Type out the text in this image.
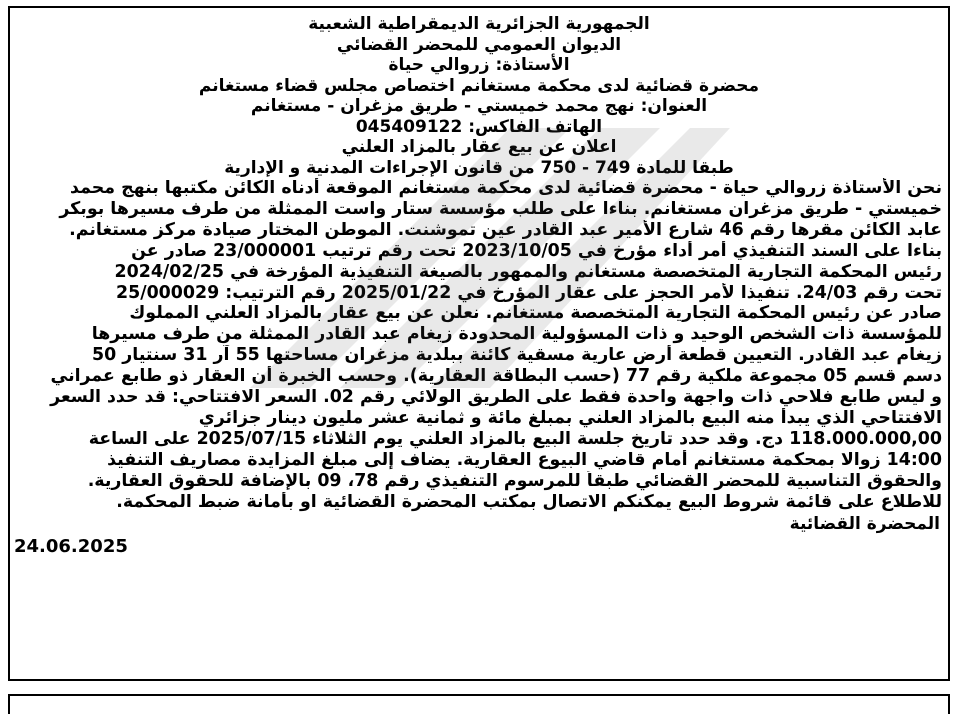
الجمهورية الجزائرية الديمقراطية الشعبية
الديوان العمومي للمحضر القضائي
الأستاذة: زروالي حياة
محضرة قضائية لدى محكمة مستغانم اختصاص مجلس قضاء مستغانم
العنوان: نهج محمد خميستي - طريق مزغران - مستغانم
الهاتف الفاكس: 045409122
اعلان عن بيع عقار بالمزاد العلني
طبقا للمادة 749 - 750 من قانون الإجراءات المدنية و الإدارية
نحن الأستاذة زروالي حياة - محضرة قضائية لدى محكمة مستغانم الموقعة أدناه الكائن مكتبها بنهج محمد
خميستي - طريق مزغران مستغانم. بناءا على طلب مؤسسة ستار واست الممثلة من طرف مسيرها بوبكر
عابد الكائن مقرها رقم 46 شارع الأمير عبد القادر عين تموشنت. الموطن المختار صيادة مركز مستغانم.
بناءا على السند التنفيذي أمر أداء مؤرخ في 2023/10/05 تحت رقم ترتيب 23/000001 صادر عن
رئيس المحكمة التجارية المتخصصة مستغانم والممهور بالصيغة التنفيذية المؤرخة في 2024/02/25
تحت رقم 24/03. تنفيذا لأمر الحجز على عقار المؤرخ في 2025/01/22 رقم الترتيب: 25/000029
صادر عن رئيس المحكمة التجارية المتخصصة مستغانم. نعلن عن بيع عقار بالمزاد العلني المملوك
للمؤسسة ذات الشخص الوحيد و ذات المسؤولية المحدودة زيغام عبد القادر الممثلة من طرف مسيرها
زيغام عبد القادر. التعيين قطعة أرض عارية مسقية كائنة ببلدية مزغران مساحتها 55 آر 31 سنتيار 50
دسم قسم 05 مجموعة ملكية رقم 77 (حسب البطاقة العقارية). وحسب الخبرة أن العقار ذو طابع عمراني
و ليس طابع فلاحي ذات واجهة واحدة فقط على الطريق الولائي رقم 02. السعر الافتتاحي: قد حدد السعر
الافتتاحي الذي يبدأ منه البيع بالمزاد العلني بمبلغ مائة و ثمانية عشر مليون دينار جزائري
118.000.000,00 دج. وقد حدد تاريخ جلسة البيع بالمزاد العلني يوم الثلاثاء 2025/07/15 على الساعة
14:00 زوالا بمحكمة مستغانم أمام قاضي البيوع العقارية. يضاف إلى مبلغ المزايدة مصاريف التنفيذ
والحقوق التناسبية للمحضر القضائي طبقاً للمرسوم التنفيذي رقم 78، 09 بالإضافة للحقوق العقارية.
للاطلاع على قائمة شروط البيع يمكنكم الاتصال بمكتب المحضرة القضائية او بأمانة ضبط المحكمة.
المحضرة القضائية
24.06.2025
